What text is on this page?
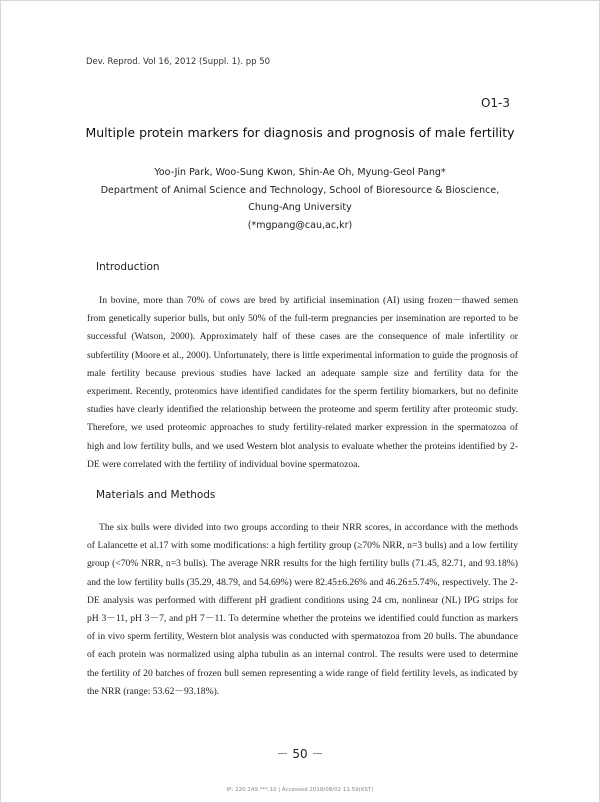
Dev. Reprod. Vol 16, 2012 (Suppl. 1). pp 50
O1-3
Multiple protein markers for diagnosis and prognosis of male fertility
Yoo-Jin Park, Woo-Sung Kwon, Shin-Ae Oh, Myung-Geol Pang*
Department of Animal Science and Technology, School of Bioresource & Bioscience,
Chung-Ang University
(*mgpang@cau,ac,kr)
Introduction

In bovine, more than 70% of cows are bred by artificial insemination (AI) using frozen－thawed semen from genetically superior bulls, but only 50% of the full-term pregnancies per insemination are reported to be successful (Watson, 2000). Approximately half of these cases are the consequence of male infertility or subfertility (Moore et al., 2000). Unfortunately, there is little experimental information to guide the prognosis of male fertility because previous studies have lacked an adequate sample size and fertility data for the experiment. Recently, proteomics have identified candidates for the sperm fertility biomarkers, but no definite studies have clearly identified the relationship between the proteome and sperm fertility after proteomic study. Therefore, we used proteomic approaches to study fertility-related marker expression in the spermatozoa of high and low fertility bulls, and we used Western blot analysis to evaluate whether the proteins identified by 2-DE were correlated with the fertility of individual bovine spermatozoa.

Materials and Methods

The six bulls were divided into two groups according to their NRR scores, in accordance with the methods of Lalancette et al.17 with some modifications: a high fertility group (≥70% NRR, n=3 bulls) and a low fertility group (<70% NRR, n=3 bulls). The average NRR results for the high fertility bulls (71.45, 82.71, and 93.18%) and the low fertility bulls (35.29, 48.79, and 54.69%) were 82.45±6.26% and 46.26±5.74%, respectively. The 2-DE analysis was performed with different pH gradient conditions using 24 cm, nonlinear (NL) IPG strips for pH 3－11, pH 3－7, and pH 7－11. To determine whether the proteins we identified could function as markers of in vivo sperm fertility, Western blot analysis was conducted with spermatozoa from 20 bulls. The abundance of each protein was normalized using alpha tubulin as an internal control. The results were used to determine the fertility of 20 batches of frozen bull semen representing a wide range of field fertility levels, as indicated by the NRR (range: 53.62－93.18%).

－ 50 －
IP: 220.149.***.10 | Accessed 2018/08/02 11:59(KST)
